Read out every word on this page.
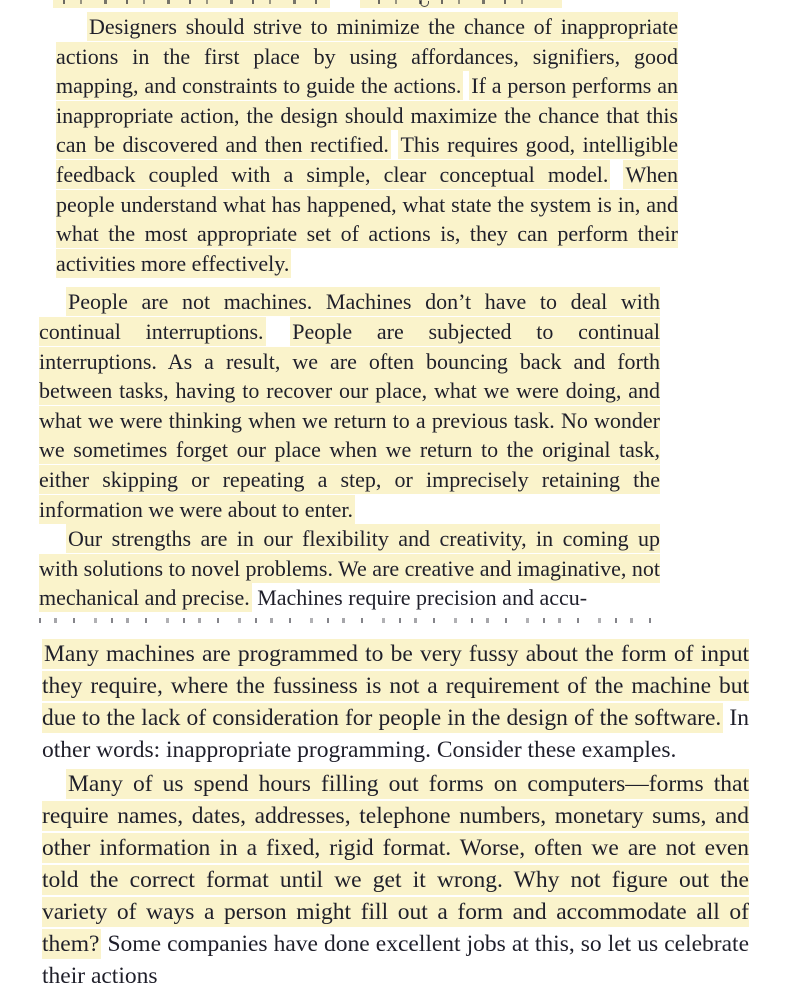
Designers should strive to minimize the chance of inappropriate actions in the first place by using affordances, signifiers, good mapping, and constraints to guide the actions. If a person performs an inappropriate action, the design should maximize the chance that this can be discovered and then rectified. This requires good, intelligible feedback coupled with a simple, clear conceptual model. When people understand what has happened, what state the system is in, and what the most appropriate set of actions is, they can perform their activities more effectively.

People are not machines. Machines don’t have to deal with continual interruptions. People are subjected to continual interruptions. As a result, we are often bouncing back and forth between tasks, having to recover our place, what we were doing, and what we were thinking when we return to a previous task. No wonder we sometimes forget our place when we return to the original task, either skipping or repeating a step, or imprecisely retaining the information we were about to enter.

Our strengths are in our flexibility and creativity, in coming up with solutions to novel problems. We are creative and imaginative, not mechanical and precise. Machines require precision and accu-

Many machines are programmed to be very fussy about the form of input they require, where the fussiness is not a requirement of the machine but due to the lack of consideration for people in the design of the software. In other words: inappropriate programming. Consider these examples.

Many of us spend hours filling out forms on computers—forms that require names, dates, addresses, telephone numbers, monetary sums, and other information in a fixed, rigid format. Worse, often we are not even told the correct format until we get it wrong. Why not figure out the variety of ways a person might fill out a form and accommodate all of them? Some companies have done excellent jobs at this, so let us celebrate their actions
